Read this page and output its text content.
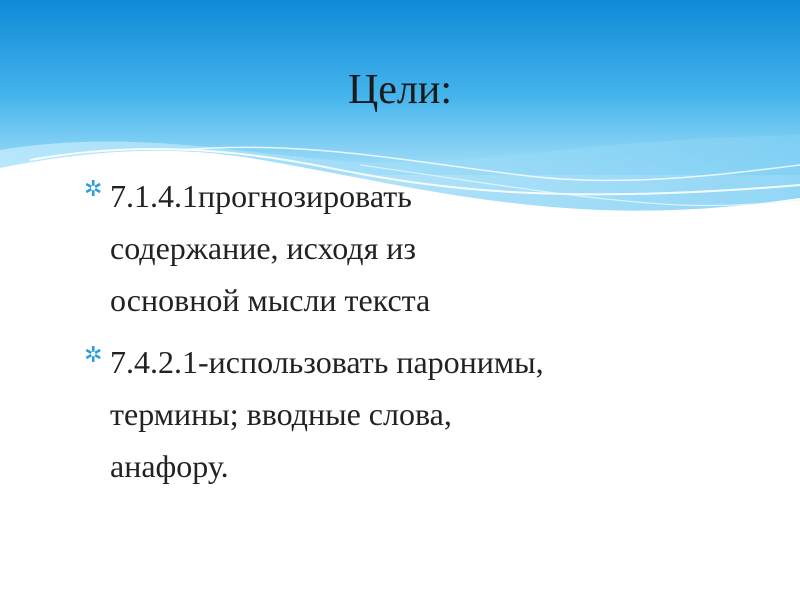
Цели:
✲ 7.1.4.1прогнозировать
содержание, исходя из
основной мысли текста
✲ 7.4.2.1-использовать паронимы,
термины; вводные слова,
анафору.
